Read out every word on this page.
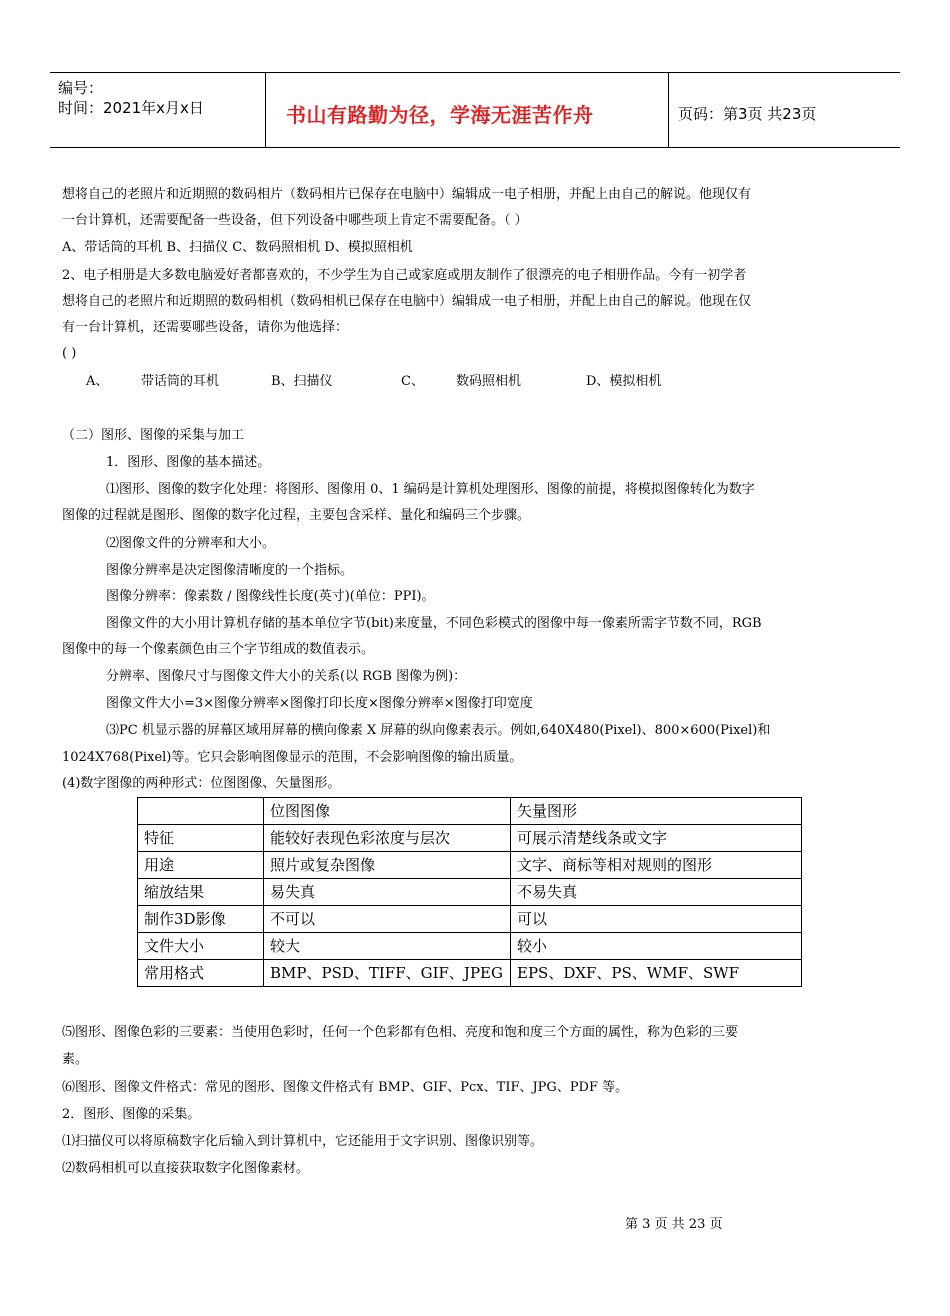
编号：
时间：2021年x月x日	书山有路勤为径，学海无涯苦作舟	页码：第3页 共23页
想将自己的老照片和近期照的数码相片（数码相片已保存在电脑中）编辑成一电子相册，并配上由自己的解说。他现仅有
一台计算机，还需要配备一些设备，但下列设备中哪些项上肯定不需要配备。（ ）
A、带话筒的耳机 B、扫描仪 C、数码照相机 D、模拟照相机
2、电子相册是大多数电脑爱好者都喜欢的，不少学生为自己或家庭或朋友制作了很漂亮的电子相册作品。今有一初学者
想将自己的老照片和近期照的数码相机（数码相机已保存在电脑中）编辑成一电子相册，并配上由自己的解说。他现在仅
有一台计算机，还需要哪些设备，请你为他选择：
( )
A、	带话筒的耳机	B、扫描仪	C、 数码照相机	D、模拟相机
（二）图形、图像的采集与加工
1．图形、图像的基本描述。
⑴图形、图像的数字化处理：将图形、图像用 0、1 编码是计算机处理图形、图像的前提，将模拟图像转化为数字
图像的过程就是图形、图像的数字化过程，主要包含采样、量化和编码三个步骤。
⑵图像文件的分辨率和大小。
图像分辨率是决定图像清晰度的一个指标。
图像分辨率：像素数 / 图像线性长度(英寸)(单位：PPI)。
图像文件的大小用计算机存储的基本单位字节(bit)来度量，不同色彩模式的图像中每一像素所需字节数不同，RGB
图像中的每一个像素颜色由三个字节组成的数值表示。
分辨率、图像尺寸与图像文件大小的关系(以 RGB 图像为例)：
图像文件大小=3×图像分辨率×图像打印长度×图像分辨率×图像打印宽度
⑶PC 机显示器的屏幕区域用屏幕的横向像素 X 屏幕的纵向像素表示。例如,640X480(Pixel)、800×600(Pixel)和
1024X768(Pixel)等。它只会影响图像显示的范围，不会影响图像的输出质量。
(4)数字图像的两种形式：位图图像、矢量图形。
	位图图像	矢量图形
特征	能较好表现色彩浓度与层次	可展示清楚线条或文字
用途	照片或复杂图像	文字、商标等相对规则的图形
缩放结果	易失真	不易失真
制作3D影像	不可以	可以
文件大小	较大	较小
常用格式	BMP、PSD、TIFF、GIF、JPEG	EPS、DXF、PS、WMF、SWF
⑸图形、图像色彩的三要素：当使用色彩时，任何一个色彩都有色相、亮度和饱和度三个方面的属性，称为色彩的三要
素。
⑹图形、图像文件格式：常见的图形、图像文件格式有 BMP、GIF、Pcx、TIF、JPG、PDF 等。
2．图形、图像的采集。
⑴扫描仪可以将原稿数字化后输入到计算机中，它还能用于文字识别、图像识别等。
⑵数码相机可以直接获取数字化图像素材。
第 3 页 共 23 页
